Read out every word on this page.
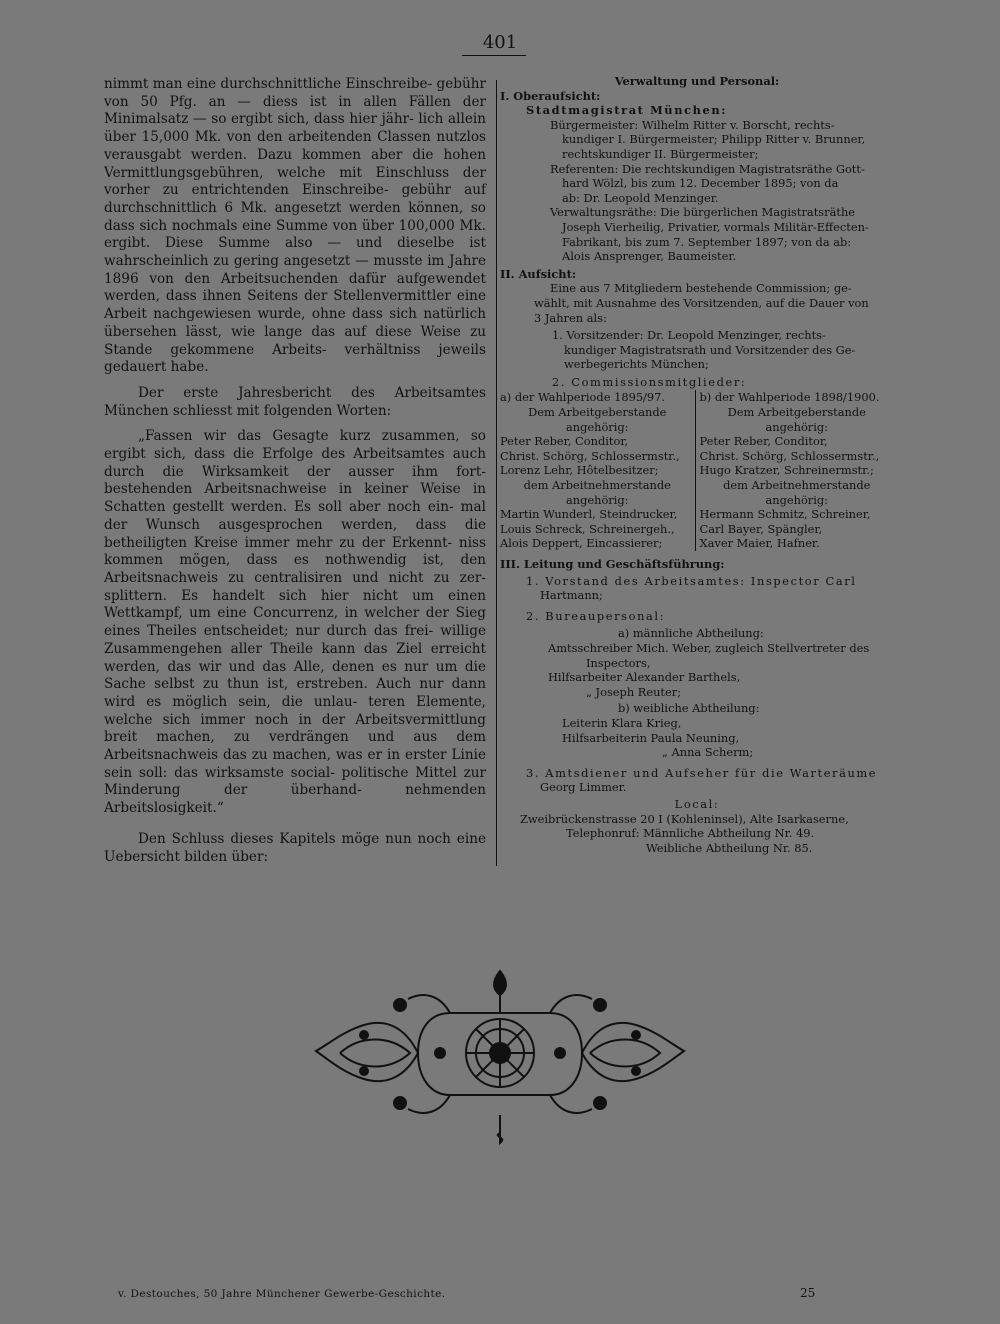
401

nimmt man eine durchschnittliche Einschreibe- gebühr von 50 Pfg. an — diess ist in allen Fällen der Minimalsatz — so ergibt sich, dass hier jähr- lich allein über 15,000 Mk. von den arbeitenden Classen nutzlos verausgabt werden. Dazu kommen aber die hohen Vermittlungsgebühren, welche mit Einschluss der vorher zu entrichtenden Einschreibe- gebühr auf durchschnittlich 6 Mk. angesetzt werden können, so dass sich nochmals eine Summe von über 100,000 Mk. ergibt. Diese Summe also — und dieselbe ist wahrscheinlich zu gering angesetzt — musste im Jahre 1896 von den Arbeitsuchenden dafür aufgewendet werden, dass ihnen Seitens der Stellenvermittler eine Arbeit nachgewiesen wurde, ohne dass sich natürlich übersehen lässt, wie lange das auf diese Weise zu Stande gekommene Arbeits- verhältniss jeweils gedauert habe.

Der erste Jahresbericht des Arbeitsamtes München schliesst mit folgenden Worten:

„Fassen wir das Gesagte kurz zusammen, so ergibt sich, dass die Erfolge des Arbeitsamtes auch durch die Wirksamkeit der ausser ihm fort- bestehenden Arbeitsnachweise in keiner Weise in Schatten gestellt werden. Es soll aber noch ein- mal der Wunsch ausgesprochen werden, dass die betheiligten Kreise immer mehr zu der Erkennt- niss kommen mögen, dass es nothwendig ist, den Arbeitsnachweis zu centralisiren und nicht zu zer- splittern. Es handelt sich hier nicht um einen Wettkampf, um eine Concurrenz, in welcher der Sieg eines Theiles entscheidet; nur durch das frei- willige Zusammengehen aller Theile kann das Ziel erreicht werden, das wir und das Alle, denen es nur um die Sache selbst zu thun ist, erstreben. Auch nur dann wird es möglich sein, die unlau- teren Elemente, welche sich immer noch in der Arbeitsvermittlung breit machen, zu verdrängen und aus dem Arbeitsnachweis das zu machen, was er in erster Linie sein soll: das wirksamste social- politische Mittel zur Minderung der überhand- nehmenden Arbeitslosigkeit.“

Den Schluss dieses Kapitels möge nun noch eine Uebersicht bilden über:

Verwaltung und Personal:
I. Oberaufsicht:
Stadtmagistrat München:
Bürgermeister: Wilhelm Ritter v. Borscht, rechts-
kundiger I. Bürgermeister; Philipp Ritter v. Brunner,
rechtskundiger II. Bürgermeister;
Referenten: Die rechtskundigen Magistratsräthe Gott-
hard Wölzl, bis zum 12. December 1895; von da
ab: Dr. Leopold Menzinger.
Verwaltungsräthe: Die bürgerlichen Magistratsräthe
Joseph Vierheilig, Privatier, vormals Militär-Effecten-
Fabrikant, bis zum 7. September 1897; von da ab:
Alois Ansprenger, Baumeister.
II. Aufsicht:
Eine aus 7 Mitgliedern bestehende Commission; ge-
wählt, mit Ausnahme des Vorsitzenden, auf die Dauer von
3 Jahren als:
1. Vorsitzender: Dr. Leopold Menzinger, rechts-
kundiger Magistratsrath und Vorsitzender des Ge-
werbegerichts München;
2. Commissionsmitglieder:
a) der Wahlperiode 1895/97.
Dem Arbeitgeberstande
angehörig:
Peter Reber, Conditor,
Christ. Schörg, Schlossermstr.,
Lorenz Lehr, Hôtelbesitzer;
dem Arbeitnehmerstande
angehörig:
Martin Wunderl, Steindrucker,
Louis Schreck, Schreinergeh.,
Alois Deppert, Eincassierer;
b) der Wahlperiode 1898/1900.
Dem Arbeitgeberstande
angehörig:
Peter Reber, Conditor,
Christ. Schörg, Schlossermstr.,
Hugo Kratzer, Schreinermstr.;
dem Arbeitnehmerstande
angehörig:
Hermann Schmitz, Schreiner,
Carl Bayer, Spängler,
Xaver Maier, Hafner.
III. Leitung und Geschäftsführung:
1. Vorstand des Arbeitsamtes: Inspector Carl
Hartmann;
2. Bureaupersonal:
a) männliche Abtheilung:
Amtsschreiber Mich. Weber, zugleich Stellvertreter des
Inspectors,
Hilfsarbeiter Alexander Barthels,
„ Joseph Reuter;
b) weibliche Abtheilung:
Leiterin Klara Krieg,
Hilfsarbeiterin Paula Neuning,
„ Anna Scherm;
3. Amtsdiener und Aufseher für die Warteräume
Georg Limmer.
Local:
Zweibrückenstrasse 20 I (Kohleninsel), Alte Isarkaserne,
Telephonruf: Männliche Abtheilung Nr. 49.
Weibliche Abtheilung Nr. 85.
v. Destouches, 50 Jahre Münchener Gewerbe-Geschichte.	25
